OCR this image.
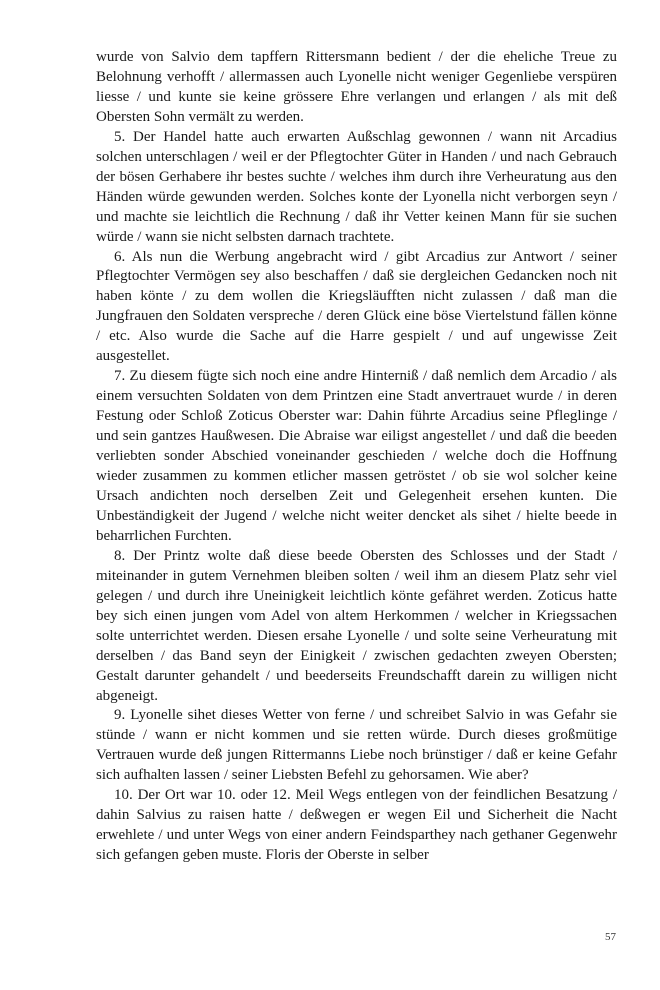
wurde von Salvio dem tapffern Rittersmann bedient / der die eheliche Treue zu Belohnung verhofft / allermassen auch Lyonelle nicht weniger Gegenliebe verspüren liesse / und kunte sie keine grössere Ehre verlangen und erlangen / als mit deß Obersten Sohn vermält zu werden.

5. Der Handel hatte auch erwarten Außschlag gewonnen / wann nit Arcadius solchen unterschlagen / weil er der Pflegtochter Güter in Handen / und nach Gebrauch der bösen Gerhabere ihr bestes suchte / welches ihm durch ihre Verheuratung aus den Händen würde gewunden werden. Solches konte der Lyonella nicht verborgen seyn / und machte sie leichtlich die Rechnung / daß ihr Vetter keinen Mann für sie suchen würde / wann sie nicht selbsten darnach trachtete.

6. Als nun die Werbung angebracht wird / gibt Arcadius zur Antwort / seiner Pflegtochter Vermögen sey also beschaffen / daß sie dergleichen Gedancken noch nit haben könte / zu dem wollen die Kriegsläufften nicht zulassen / daß man die Jungfrauen den Soldaten verspreche / deren Glück eine böse Viertelstund fällen könne / etc. Also wurde die Sache auf die Harre gespielt / und auf ungewisse Zeit ausgestellet.

7. Zu diesem fügte sich noch eine andre Hinterniß / daß nemlich dem Arcadio / als einem versuchten Soldaten von dem Printzen eine Stadt anvertrauet wurde / in deren Festung oder Schloß Zoticus Oberster war: Dahin führte Arcadius seine Pfleglinge / und sein gantzes Haußwesen. Die Abraise war eiligst angestellet / und daß die beeden verliebten sonder Abschied voneinander geschieden / welche doch die Hoffnung wieder zusammen zu kommen etlicher massen getröstet / ob sie wol solcher keine Ursach andichten noch derselben Zeit und Gelegenheit ersehen kunten. Die Unbeständigkeit der Jugend / welche nicht weiter dencket als sihet / hielte beede in beharrlichen Furchten.

8. Der Printz wolte daß diese beede Obersten des Schlosses und der Stadt / miteinander in gutem Vernehmen bleiben solten / weil ihm an diesem Platz sehr viel gelegen / und durch ihre Uneinigkeit leichtlich könte gefähret werden. Zoticus hatte bey sich einen jungen vom Adel von altem Herkommen / welcher in Kriegssachen solte unterrichtet werden. Diesen ersahe Lyonelle / und solte seine Verheuratung mit derselben / das Band seyn der Einigkeit / zwischen gedachten zweyen Obersten; Gestalt darunter gehandelt / und beederseits Freundschafft darein zu willigen nicht abgeneigt.

9. Lyonelle sihet dieses Wetter von ferne / und schreibet Salvio in was Gefahr sie stünde / wann er nicht kommen und sie retten würde. Durch dieses großmütige Vertrauen wurde deß jungen Rittermanns Liebe noch brünstiger / daß er keine Gefahr sich aufhalten lassen / seiner Liebsten Befehl zu gehorsamen. Wie aber?

10. Der Ort war 10. oder 12. Meil Wegs entlegen von der feindlichen Besatzung / dahin Salvius zu raisen hatte / deßwegen er wegen Eil und Sicherheit die Nacht erwehlete / und unter Wegs von einer andern Feindsparthey nach gethaner Gegenwehr sich gefangen geben muste. Floris der Oberste in selber

57
